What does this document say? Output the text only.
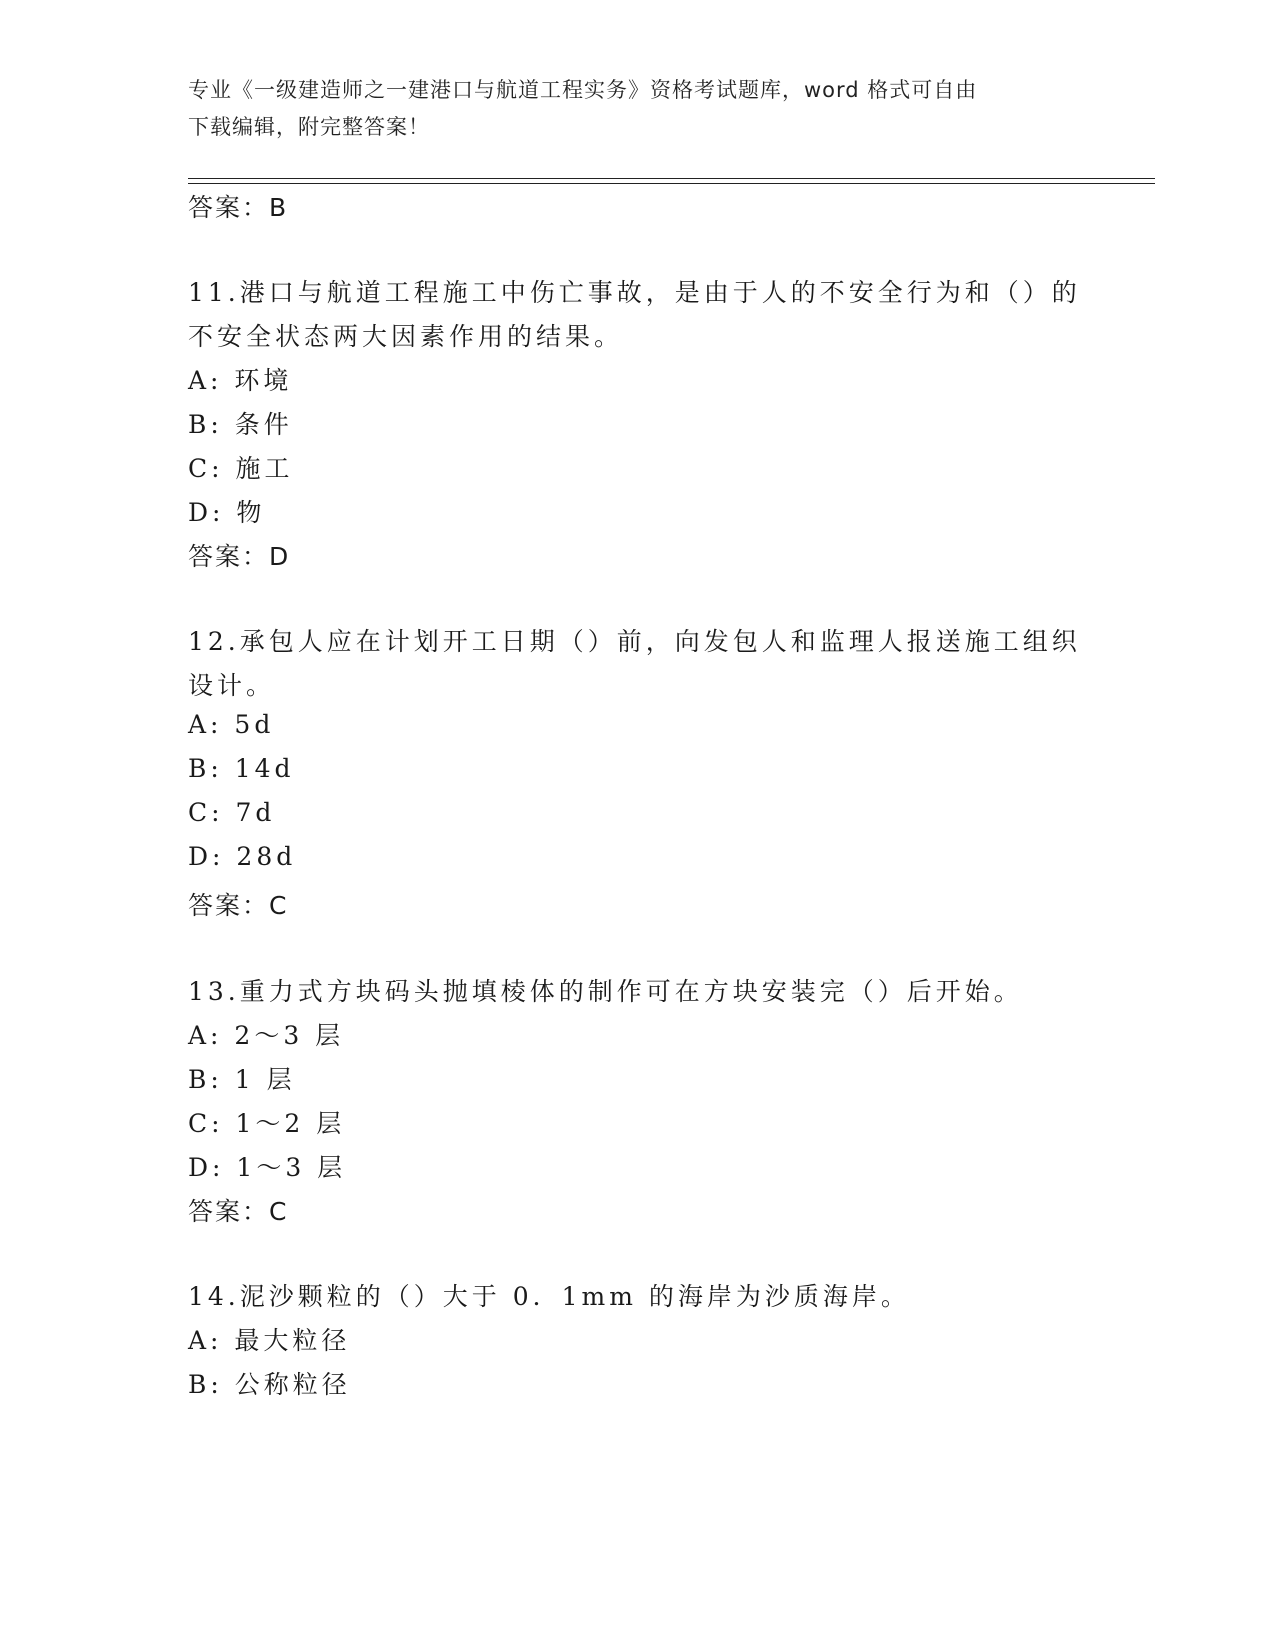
专业《一级建造师之一建港口与航道工程实务》资格考试题库，word 格式可自由
下载编辑，附完整答案！
答案：B
11.港口与航道工程施工中伤亡事故，是由于人的不安全行为和（）的
不安全状态两大因素作用的结果。
A: 环境
B: 条件
C: 施工
D: 物
答案：D
12.承包人应在计划开工日期（）前，向发包人和监理人报送施工组织
设计。
A: 5d
B: 14d
C: 7d
D: 28d
答案：C
13.重力式方块码头抛填棱体的制作可在方块安装完（）后开始。
A: 2～3 层
B: 1 层
C: 1～2 层
D: 1～3 层
答案：C
14.泥沙颗粒的（）大于 0．1mm 的海岸为沙质海岸。
A: 最大粒径
B: 公称粒径
